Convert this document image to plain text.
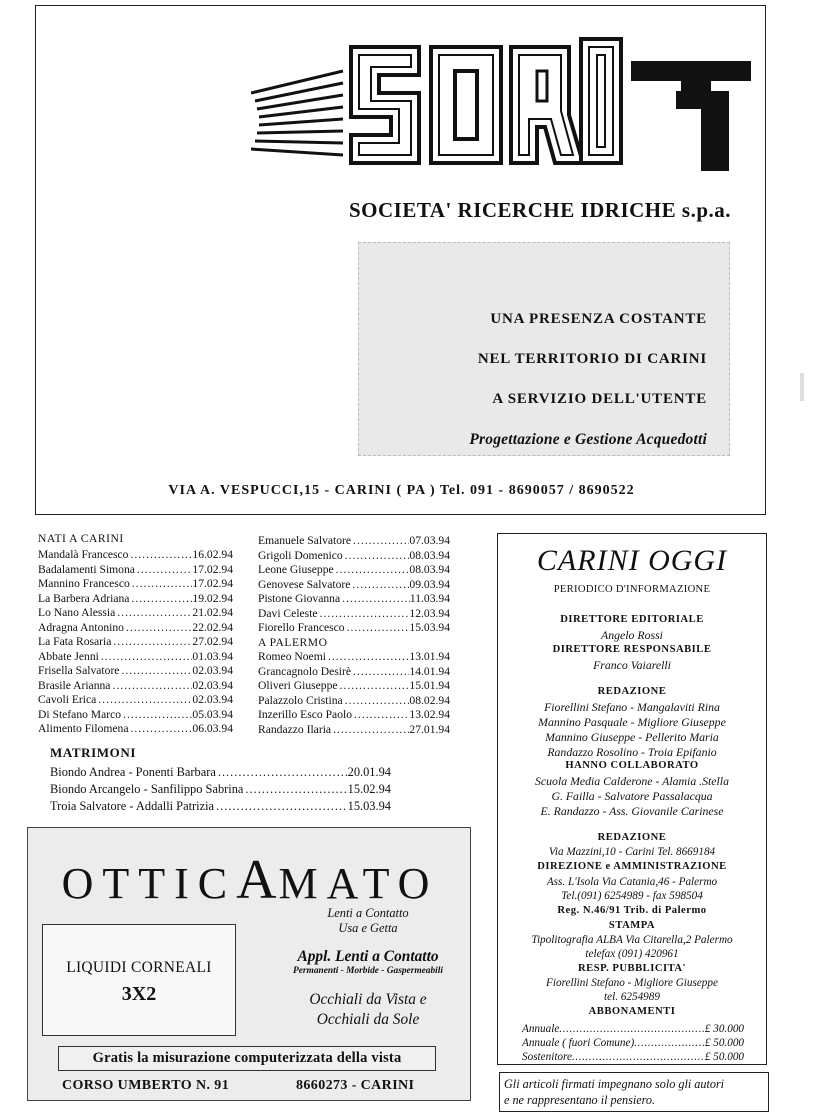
SOCIETA' RICERCHE IDRICHE s.p.a.
UNA PRESENZA COSTANTE
NEL TERRITORIO DI CARINI
A SERVIZIO DELL'UTENTE
Progettazione e Gestione Acquedotti
VIA A. VESPUCCI,15 - CARINI ( PA ) Tel. 091 - 8690057 / 8690522
NATI A CARINI
Mandalà Francesco .....	16.02.94
Badalamenti Simona .....	17.02.94
Mannino Francesco .....	17.02.94
La Barbera Adriana .....	19.02.94
Lo Nano Alessia .....	21.02.94
Adragna Antonino .....	22.02.94
La Fata Rosaria .....	27.02.94
Abbate Jenni .....	01.03.94
Frisella Salvatore .....	02.03.94
Brasile Arianna .....	02.03.94
Cavoli Erica .....	02.03.94
Di Stefano Marco .....	05.03.94
Alimento Filomena .....	06.03.94
Emanuele Salvatore .....	07.03.94
Grigoli Domenico .....	08.03.94
Leone Giuseppe .....	08.03.94
Genovese Salvatore .....	09.03.94
Pistone Giovanna .....	11.03.94
Davi Celeste .....	12.03.94
Fiorello Francesco .....	15.03.94
A PALERMO
Romeo Noemi .....	13.01.94
Grancagnolo Desirè .....	14.01.94
Oliveri Giuseppe .....	15.01.94
Palazzolo Cristina .....	08.02.94
Inzerillo Esco Paolo .....	13.02.94
Randazzo Ilaria .....	27.01.94
MATRIMONI
Biondo Andrea - Ponenti Barbara .....	20.01.94
Biondo Arcangelo - Sanfilippo Sabrina .....	15.02.94
Troia Salvatore - Addalli Patrizia .....	15.03.94
OTTICAMATO
Lenti a Contatto
Usa e Getta
Appl. Lenti a Contatto
Permanenti - Morbide - Gaspermeabili
Occhiali da Vista e
Occhiali da Sole
LIQUIDI CORNEALI
3X2
Gratis la misurazione computerizzata della vista
CORSO UMBERTO N. 91	8660273 - CARINI
CARINI OGGI
PERIODICO D'INFORMAZIONE
DIRETTORE EDITORIALE
Angelo Rossi
DIRETTORE RESPONSABILE
Franco Vaiarelli
REDAZIONE
Fiorellini Stefano - Mangalaviti Rina
Mannino Pasquale - Migliore Giuseppe
Mannino Giuseppe - Pellerito Maria
Randazzo Rosolino - Troia Epifanio
HANNO COLLABORATO
Scuola Media Calderone - Alamia .Stella
G. Failla - Salvatore Passalacqua
E. Randazzo - Ass. Giovanile Carinese
REDAZIONE
Via Mazzini,10 - Carini Tel. 8669184
DIREZIONE e AMMINISTRAZIONE
Ass. L'Isola Via Catania,46 - Palermo
Tel.(091) 6254989 - fax 598504
Reg. N.46/91 Trib. di Palermo
STAMPA
Tipolitografia ALBA Via Citarella,2 Palermo
telefax (091) 420961
RESP. PUBBLICITA'
Fiorellini Stefano - Migliore Giuseppe
tel. 6254989
ABBONAMENTI
Annuale .....	£ 30.000
Annuale ( fuori Comune) .....	£ 50.000
Sostenitore .....	£ 50.000
Gli articoli firmati impegnano solo gli autori
e ne rappresentano il pensiero.
